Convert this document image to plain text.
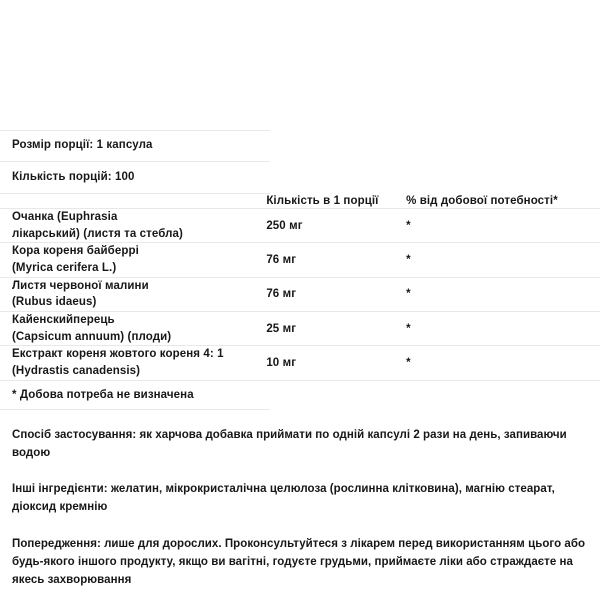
Розмір порції: 1 капсула
Кількість порцій: 100
	Кількість в 1 порції	% від добової потебності*
Очанка (Euphrasia
лікарський) (листя та стебла)	250 мг	*
Кора кореня байберрі
(Myrica cerifera L.)	76 мг	*
Листя червоної малини
(Rubus idaeus)	76 мг	*
Кайенскийперець
(Capsicum annuum) (плоди)	25 мг	*
Екстракт кореня жовтого кореня 4: 1
(Hydrastis canadensis)	10 мг	*
* Добова потреба не визначена

Спосіб застосування: як харчова добавка приймати по одній капсулі 2 рази на день, запиваючи водою

Інші інгредієнти: желатин, мікрокристалічна целюлоза (рослинна клітковина), магнію стеарат, діоксид кремнію

Попередження: лише для дорослих. Проконсультуйтеся з лікарем перед використанням цього або будь-якого іншого продукту, якщо ви вагітні, годуєте грудьми, приймаєте ліки або страждаєте на якесь захворювання
